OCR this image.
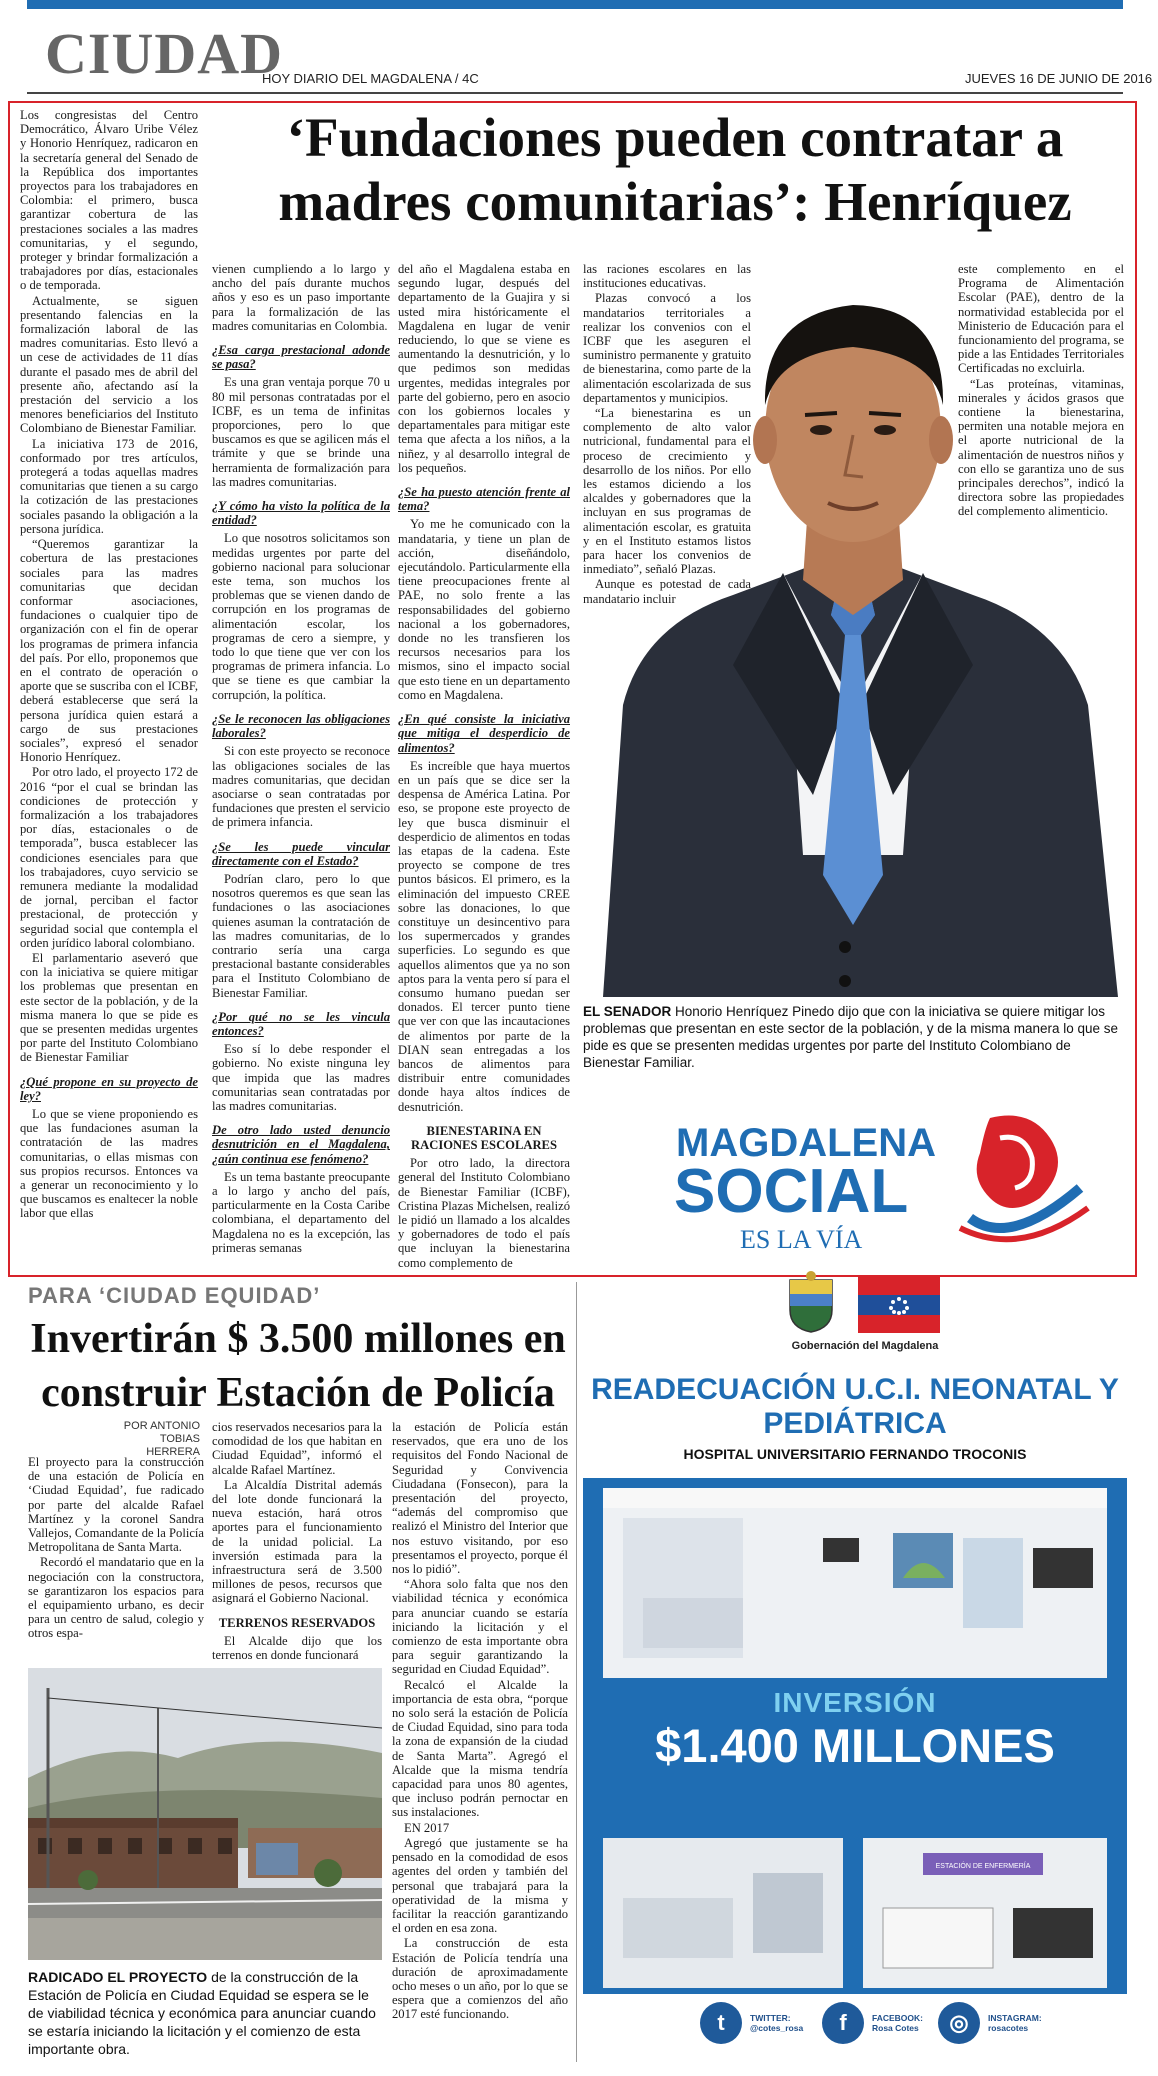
CIUDAD
HOY DIARIO DEL MAGDALENA / 4C	JUEVES 16 DE JUNIO DE 2016
‘Fundaciones pueden contratar a madres comunitarias’: Henríquez

Los congresistas del Centro Democrático, Álvaro Uribe Vélez y Honorio Henríquez, radicaron en la secretaría general del Senado de la República dos importantes proyectos para los trabajadores en Colombia: el primero, busca garantizar cobertura de las prestaciones sociales a las madres comunitarias, y el segundo, proteger y brindar formalización a trabajadores por días, estacionales o de temporada.

Actualmente, se siguen presentando falencias en la formalización laboral de las madres comunitarias. Esto llevó a un cese de actividades de 11 días durante el pasado mes de abril del presente año, afectando así la prestación del servicio a los menores beneficiarios del Instituto Colombiano de Bienestar Familiar.

La iniciativa 173 de 2016, conformado por tres artículos, protegerá a todas aquellas madres comunitarias que tienen a su cargo la cotización de las prestaciones sociales pasando la obligación a la persona jurídica.

“Queremos garantizar la cobertura de las prestaciones sociales para las madres comunitarias que decidan conformar asociaciones, fundaciones o cualquier tipo de organización con el fin de operar los programas de primera infancia del país. Por ello, proponemos que en el contrato de operación o aporte que se suscriba con el ICBF, deberá establecerse que será la persona jurídica quien estará a cargo de sus prestaciones sociales”, expresó el senador Honorio Henríquez.

Por otro lado, el proyecto 172 de 2016 “por el cual se brindan las condiciones de protección y formalización a los trabajadores por días, estacionales o de temporada”, busca establecer las condiciones esenciales para que los trabajadores, cuyo servicio se remunera mediante la modalidad de jornal, perciban el factor prestacional, de protección y seguridad social que contempla el orden jurídico laboral colombiano.

El parlamentario aseveró que con la iniciativa se quiere mitigar los problemas que presentan en este sector de la población, y de la misma manera lo que se pide es que se presenten medidas urgentes por parte del Instituto Colombiano de Bienestar Familiar

¿Qué propone en su proyecto de ley?

Lo que se viene proponiendo es que las fundaciones asuman la contratación de las madres comunitarias, o ellas mismas con sus propios recursos. Entonces va a generar un reconocimiento y lo que buscamos es enaltecer la noble labor que ellas

vienen cumpliendo a lo largo y ancho del país durante muchos años y eso es un paso importante para la formalización de las madres comunitarias en Colombia.

¿Esa carga prestacional adonde se pasa?

Es una gran ventaja porque 70 u 80 mil personas contratadas por el ICBF, es un tema de infinitas proporciones, pero lo que buscamos es que se agilicen más el trámite y que se brinde una herramienta de formalización para las madres comunitarias.

¿Y cómo ha visto la política de la entidad?

Lo que nosotros solicitamos son medidas urgentes por parte del gobierno nacional para solucionar este tema, son muchos los problemas que se vienen dando de corrupción en los programas de alimentación escolar, los programas de cero a siempre, y todo lo que tiene que ver con los programas de primera infancia. Lo que se tiene es que cambiar la corrupción, la política.

¿Se le reconocen las obligaciones laborales?

Si con este proyecto se reconoce las obligaciones sociales de las madres comunitarias, que decidan asociarse o sean contratadas por fundaciones que presten el servicio de primera infancia.

¿Se les puede vincular directamente con el Estado?

Podrían claro, pero lo que nosotros queremos es que sean las fundaciones o las asociaciones quienes asuman la contratación de las madres comunitarias, de lo contrario sería una carga prestacional bastante considerables para el Instituto Colombiano de Bienestar Familiar.

¿Por qué no se les vincula entonces?

Eso sí lo debe responder el gobierno. No existe ninguna ley que impida que las madres comunitarias sean contratadas por las madres comunitarias.

De otro lado usted denuncio desnutrición en el Magdalena, ¿aún continua ese fenómeno?

Es un tema bastante preocupante a lo largo y ancho del país, particularmente en la Costa Caribe colombiana, el departamento del Magdalena no es la excepción, las primeras semanas

del año el Magdalena estaba en segundo lugar, después del departamento de la Guajira y si usted mira históricamente el Magdalena en lugar de venir reduciendo, lo que se viene es aumentando la desnutrición, y lo que pedimos son medidas urgentes, medidas integrales por parte del gobierno, pero en asocio con los gobiernos locales y departamentales para mitigar este tema que afecta a los niños, a la niñez, y al desarrollo integral de los pequeños.

¿Se ha puesto atención frente al tema?

Yo me he comunicado con la mandataria, y tiene un plan de acción, diseñándolo, ejecutándolo. Particularmente ella tiene preocupaciones frente al PAE, no solo frente a las responsabilidades del gobierno nacional a los gobernadores, donde no les transfieren los recursos necesarios para los mismos, sino el impacto social que esto tiene en un departamento como en Magdalena.

¿En qué consiste la iniciativa que mitiga el desperdicio de alimentos?

Es increíble que haya muertos en un país que se dice ser la despensa de América Latina. Por eso, se propone este proyecto de ley que busca disminuir el desperdicio de alimentos en todas las etapas de la cadena. Este proyecto se compone de tres puntos básicos. El primero, es la eliminación del impuesto CREE sobre las donaciones, lo que constituye un desincentivo para los supermercados y grandes superficies. Lo segundo es que aquellos alimentos que ya no son aptos para la venta pero sí para el consumo humano puedan ser donados. El tercer punto tiene que ver con que las incautaciones de alimentos por parte de la DIAN sean entregadas a los bancos de alimentos para distribuir entre comunidades donde haya altos índices de desnutrición.

BIENESTARINA EN RACIONES ESCOLARES

Por otro lado, la directora general del Instituto Colombiano de Bienestar Familiar (ICBF), Cristina Plazas Michelsen, realizó le pidió un llamado a los alcaldes y gobernadores de todo el país que incluyan la bienestarina como complemento de

las raciones escolares en las instituciones educativas.

Plazas convocó a los mandatarios territoriales a realizar los convenios con el ICBF que les aseguren el suministro permanente y gratuito de bienestarina, como parte de la alimentación escolarizada de sus departamentos y municipios.

“La bienestarina es un complemento de alto valor nutricional, fundamental para el proceso de crecimiento y desarrollo de los niños. Por ello les estamos diciendo a los alcaldes y gobernadores que la incluyan en sus programas de alimentación escolar, es gratuita y en el Instituto estamos listos para hacer los convenios de inmediato”, señaló Plazas.

Aunque es potestad de cada mandatario incluir

este complemento en el Programa de Alimentación Escolar (PAE), dentro de la normatividad establecida por el Ministerio de Educación para el funcionamiento del programa, se pide a las Entidades Territoriales Certificadas no excluirla.

“Las proteínas, vitaminas, minerales y ácidos grasos que contiene la bienestarina, permiten una notable mejora en el aporte nutricional de la alimentación de nuestros niños y con ello se garantiza uno de sus principales derechos”, indicó la directora sobre las propiedades del complemento alimenticio.

EL SENADOR Honorio Henríquez Pinedo dijo que con la iniciativa se quiere mitigar los problemas que presentan en este sector de la población, y de la misma manera lo que se pide es que se presenten medidas urgentes por parte del Instituto Colombiano de Bienestar Familiar.
PARA ‘CIUDAD EQUIDAD’
Invertirán $ 3.500 millones en construir Estación de Policía
POR ANTONIO TOBIAS HERRERA

El proyecto para la construcción de una estación de Policía en ‘Ciudad Equidad’, fue radicado por parte del alcalde Rafael Martínez y la coronel Sandra Vallejos, Comandante de la Policía Metropolitana de Santa Marta.

Recordó el mandatario que en la negociación con la constructora, se garantizaron los espacios para el equipamiento urbano, es decir para un centro de salud, colegio y otros espa-

cios reservados necesarios para la comodidad de los que habitan en Ciudad Equidad”, informó el alcalde Rafael Martínez.

La Alcaldía Distrital además del lote donde funcionará la nueva estación, hará otros aportes para el funcionamiento de la unidad policial. La inversión estimada para la infraestructura será de 3.500 millones de pesos, recursos que asignará el Gobierno Nacional.

TERRENOS RESERVADOS

El Alcalde dijo que los terrenos en donde funcionará

la estación de Policía están reservados, que era uno de los requisitos del Fondo Nacional de Seguridad y Convivencia Ciudadana (Fonsecon), para la presentación del proyecto, “además del compromiso que realizó el Ministro del Interior que nos estuvo visitando, por eso presentamos el proyecto, porque él nos lo pidió”.

“Ahora solo falta que nos den viabilidad técnica y económica para anunciar cuando se estaría iniciando la licitación y el comienzo de esta importante obra para seguir garantizando la seguridad en Ciudad Equidad”.

Recalcó el Alcalde la importancia de esta obra, “porque no solo será la estación de Policía de Ciudad Equidad, sino para toda la zona de expansión de la ciudad de Santa Marta”. Agregó el Alcalde que la misma tendría capacidad para unos 80 agentes, que incluso podrán pernoctar en sus instalaciones.

EN 2017

Agregó que justamente se ha pensado en la comodidad de esos agentes del orden y también del personal que trabajará para la operatividad de la misma y facilitar la reacción garantizando el orden en esa zona.

La construcción de esta Estación de Policía tendría una duración de aproximadamente ocho meses o un año, por lo que se espera que a comienzos del año 2017 esté funcionando.

RADICADO EL PROYECTO de la construcción de la Estación de Policía en Ciudad Equidad se espera se le de viabilidad técnica y económica para anunciar cuando se estaría iniciando la licitación y el comienzo de esta importante obra.
MAGDALENA
SOCIAL
ES LA VÍA
Gobernación del Magdalena
READECUACIÓN U.C.I. NEONATAL Y PEDIÁTRICA
HOSPITAL UNIVERSITARIO FERNANDO TROCONIS
ESTACIÓN DE ENFERMERÍA
INVERSIÓN
$1.400 MILLONES
t	TWITTER:
@cotes_rosa	f	FACEBOOK:
Rosa Cotes	◎	INSTAGRAM:
rosacotes
